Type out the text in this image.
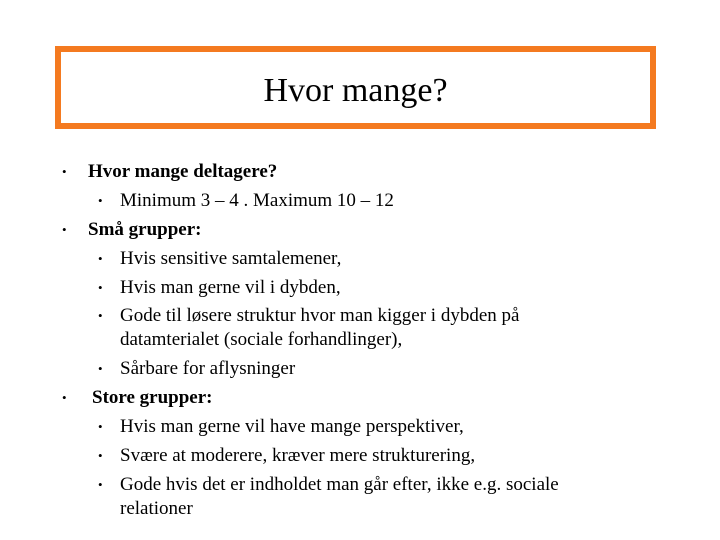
Hvor mange?
• Hvor mange deltagere?
• Minimum 3 – 4 . Maximum 10 – 12
• Små grupper:
• Hvis sensitive samtalemener,
• Hvis man gerne vil i dybden,
• Gode til løsere struktur hvor man kigger i dybden på
datamterialet (sociale forhandlinger),
• Sårbare for aflysninger
• Store grupper:
• Hvis man gerne vil have mange perspektiver,
• Svære at moderere, kræver mere strukturering,
• Gode hvis det er indholdet man går efter, ikke e.g. sociale
relationer
